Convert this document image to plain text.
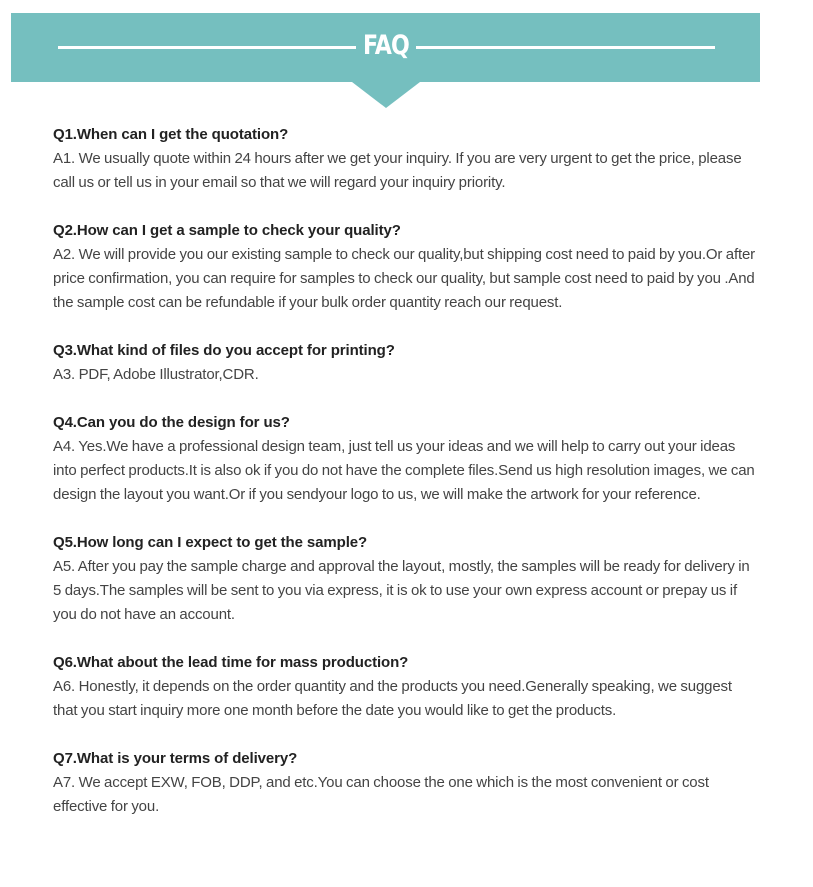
FAQ

Q1.When can I get the quotation?

A1. We usually quote within 24 hours after we get your inquiry. If you are very urgent to get the price, please call us or tell us in your email so that we will regard your inquiry priority.

Q2.How can I get a sample to check your quality?

A2. We will provide you our existing sample to check our quality,but shipping cost need to paid by you.Or after price confirmation, you can require for samples to check our quality, but sample cost need to paid by you .And the sample cost can be refundable if your bulk order quantity reach our request.

Q3.What kind of files do you accept for printing?

A3. PDF, Adobe Illustrator,CDR.

Q4.Can you do the design for us?

A4. Yes.We have a professional design team, just tell us your ideas and we will help to carry out your ideas into perfect products.It is also ok if you do not have the complete files.Send us high resolution images, we can design the layout you want.Or if you sendyour logo to us, we will make the artwork for your reference.

Q5.How long can I expect to get the sample?

A5. After you pay the sample charge and approval the layout, mostly, the samples will be ready for delivery in 5 days.The samples will be sent to you via express, it is ok to use your own express account or prepay us if you do not have an account.

Q6.What about the lead time for mass production?

A6. Honestly, it depends on the order quantity and the products you need.Generally speaking, we suggest that you start inquiry more one month before the date you would like to get the products.

Q7.What is your terms of delivery?

A7. We accept EXW, FOB, DDP, and etc.You can choose the one which is the most convenient or cost effective for you.
